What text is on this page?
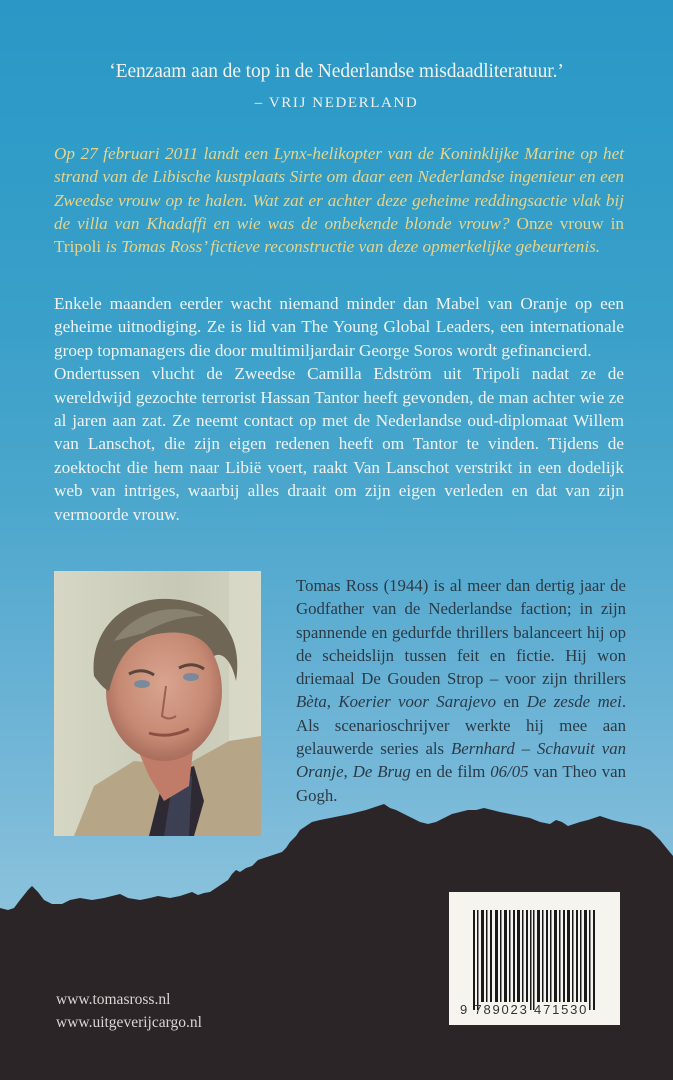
‘Eenzaam aan de top in de Nederlandse misdaadliteratuur.’
– VRIJ NEDERLAND
Op 27 februari 2011 landt een Lynx-helikopter van de Koninklijke Marine op het strand van de Libische kustplaats Sirte om daar een Nederlandse ingenieur en een Zweedse vrouw op te halen. Wat zat er achter deze geheime reddingsactie vlak bij de villa van Khadaffi en wie was de onbekende blonde vrouw? Onze vrouw in Tripoli is Tomas Ross’ fictieve reconstructie van deze opmerkelijke gebeurtenis.

Enkele maanden eerder wacht niemand minder dan Mabel van Oranje op een geheime uitnodiging. Ze is lid van The Young Global Leaders, een internationale groep topmanagers die door multimiljardair George Soros wordt gefinancierd.

Ondertussen vlucht de Zweedse Camilla Edström uit Tripoli nadat ze de wereldwijd gezochte terrorist Hassan Tantor heeft gevonden, de man achter wie ze al jaren aan zat. Ze neemt contact op met de Nederlandse oud-diplomaat Willem van Lanschot, die zijn eigen redenen heeft om Tantor te vinden. Tijdens de zoektocht die hem naar Libië voert, raakt Van Lanschot verstrikt in een dodelijk web van intriges, waarbij alles draait om zijn eigen verleden en dat van zijn vermoorde vrouw.

Tomas Ross (1944) is al meer dan dertig jaar de Godfather van de Nederlandse faction; in zijn spannende en gedurfde thrillers balanceert hij op de scheidslijn tussen feit en fictie. Hij won driemaal De Gouden Strop – voor zijn thrillers Bèta, Koerier voor Sarajevo en De zesde mei. Als scenarioschrijver werkte hij mee aan gelauwerde series als Bernhard – Schavuit van Oranje, De Brug en de film 06/05 van Theo van Gogh.
www.tomasross.nl
www.uitgeverijcargo.nl
9 789023 471530
